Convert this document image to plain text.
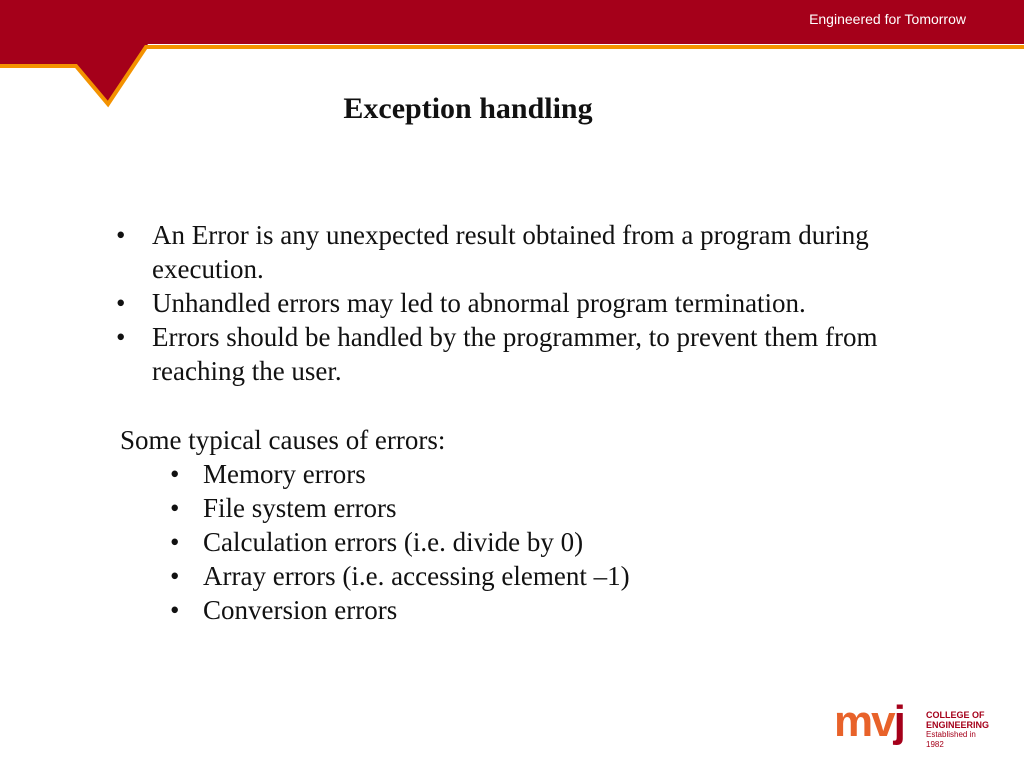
Engineered for Tomorrow
Exception handling
• An Error is any unexpected result obtained from a program during execution.
• Unhandled errors may led to abnormal program termination.
• Errors should be handled by the programmer, to prevent them from reaching the user.
Some typical causes of errors:
• Memory errors
• File system errors
• Calculation errors (i.e. divide by 0)
• Array errors (i.e. accessing element –1)
• Conversion errors
mvj COLLEGE OF
ENGINEERING
Established in 1982
